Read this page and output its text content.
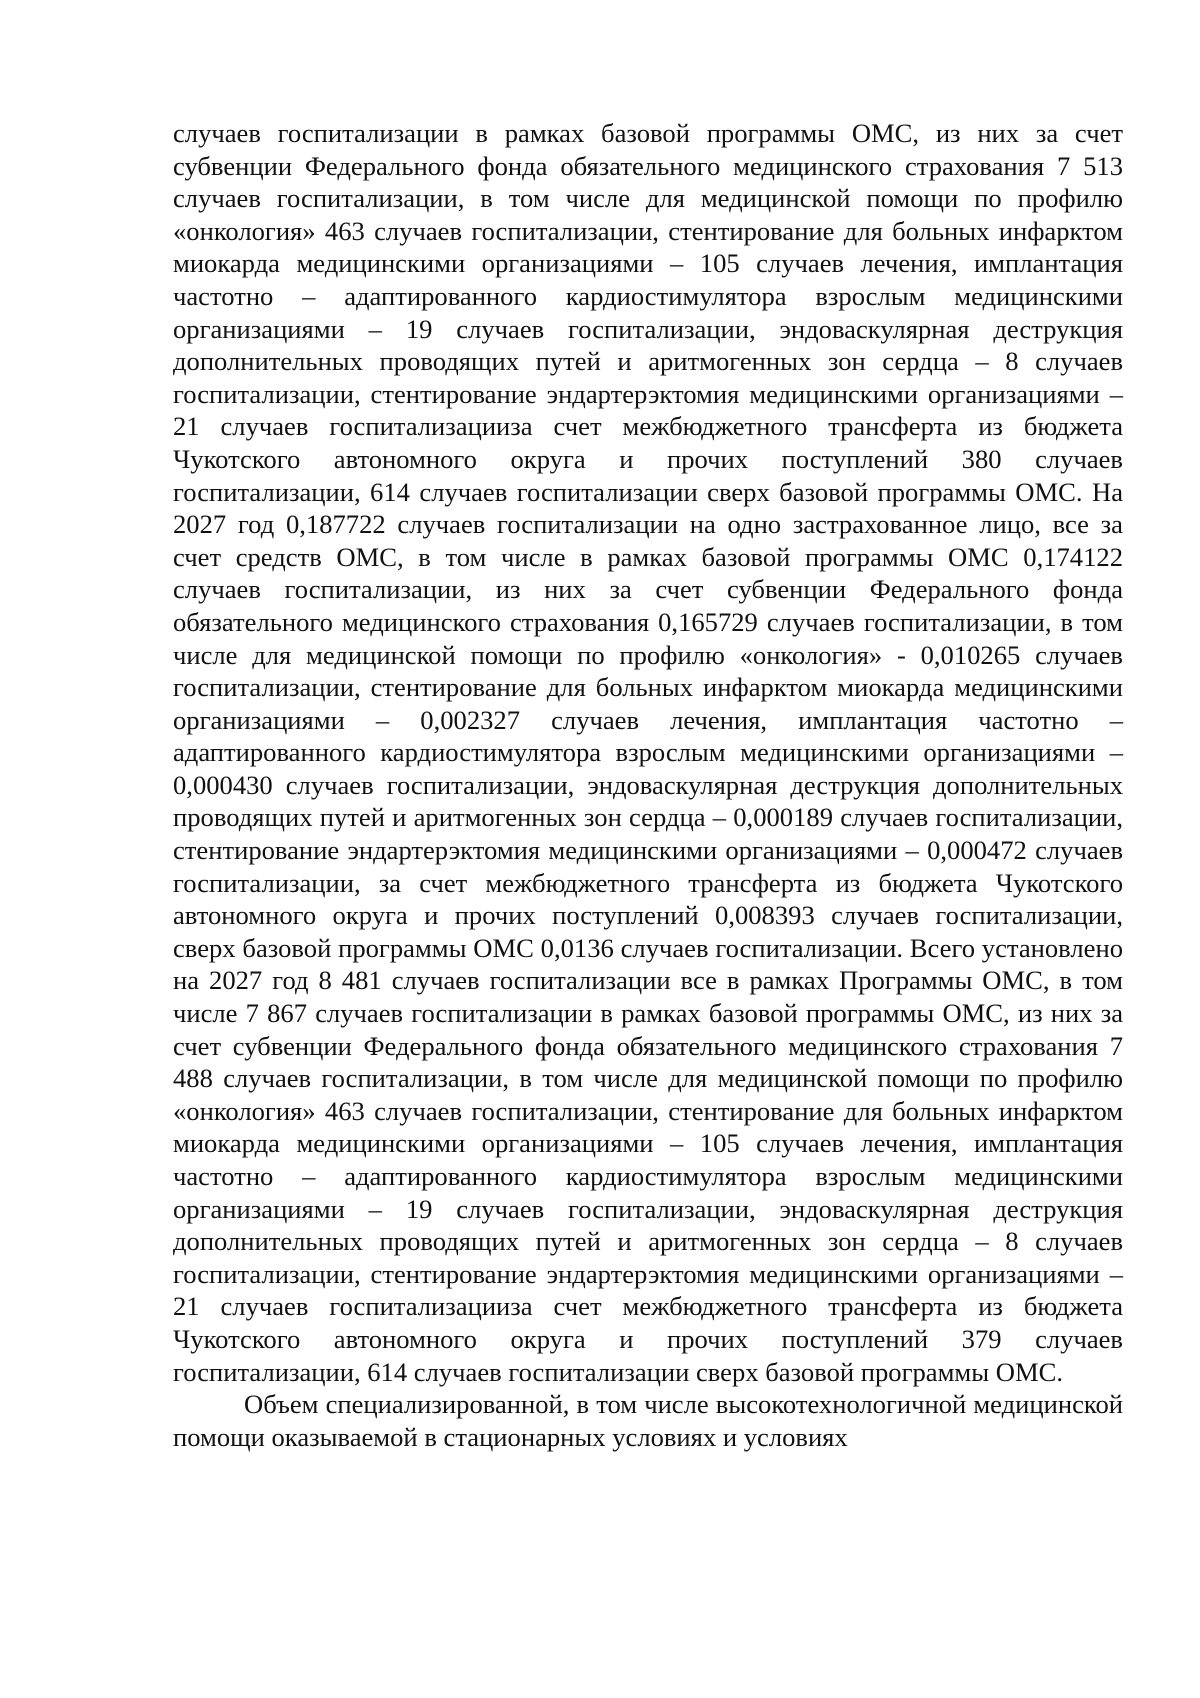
случаев госпитализации в рамках базовой программы ОМС, из них за счет субвенции Федерального фонда обязательного медицинского страхования 7 513 случаев госпитализации, в том числе для медицинской помощи по профилю «онкология» 463 случаев госпитализации, стентирование для больных инфарктом миокарда медицинскими организациями – 105 случаев лечения, имплантация частотно – адаптированного кардиостимулятора взрослым медицинскими организациями – 19 случаев госпитализации, эндоваскулярная деструкция дополнительных проводящих путей и аритмогенных зон сердца – 8 случаев госпитализации, стентирование эндартерэктомия медицинскими организациями – 21 случаев госпитализацииза счет межбюджетного трансферта из бюджета Чукотского автономного округа и прочих поступлений 380 случаев госпитализации, 614 случаев госпитализации сверх базовой программы ОМС. На 2027 год 0,187722 случаев госпитализации на одно застрахованное лицо, все за счет средств ОМС, в том числе в рамках базовой программы ОМС 0,174122 случаев госпитализации, из них за счет субвенции Федерального фонда обязательного медицинского страхования 0,165729 случаев госпитализации, в том числе для медицинской помощи по профилю «онкология» - 0,010265 случаев госпитализации, стентирование для больных инфарктом миокарда медицинскими организациями – 0,002327 случаев лечения, имплантация частотно – адаптированного кардиостимулятора взрослым медицинскими организациями – 0,000430 случаев госпитализации, эндоваскулярная деструкция дополнительных проводящих путей и аритмогенных зон сердца – 0,000189 случаев госпитализации, стентирование эндартерэктомия медицинскими организациями – 0,000472 случаев госпитализации, за счет межбюджетного трансферта из бюджета Чукотского автономного округа и прочих поступлений 0,008393 случаев госпитализации, сверх базовой программы ОМС 0,0136 случаев госпитализации. Всего установлено на 2027 год 8 481 случаев госпитализации все в рамках Программы ОМС, в том числе 7 867 случаев госпитализации в рамках базовой программы ОМС, из них за счет субвенции Федерального фонда обязательного медицинского страхования 7 488 случаев госпитализации, в том числе для медицинской помощи по профилю «онкология» 463 случаев госпитализации, стентирование для больных инфарктом миокарда медицинскими организациями – 105 случаев лечения, имплантация частотно – адаптированного кардиостимулятора взрослым медицинскими организациями – 19 случаев госпитализации, эндоваскулярная деструкция дополнительных проводящих путей и аритмогенных зон сердца – 8 случаев госпитализации, стентирование эндартерэктомия медицинскими организациями – 21 случаев госпитализацииза счет межбюджетного трансферта из бюджета Чукотского автономного округа и прочих поступлений 379 случаев госпитализации, 614 случаев госпитализации сверх базовой программы ОМС.

Объем специализированной, в том числе высокотехнологичной медицинской помощи оказываемой в стационарных условиях и условиях
